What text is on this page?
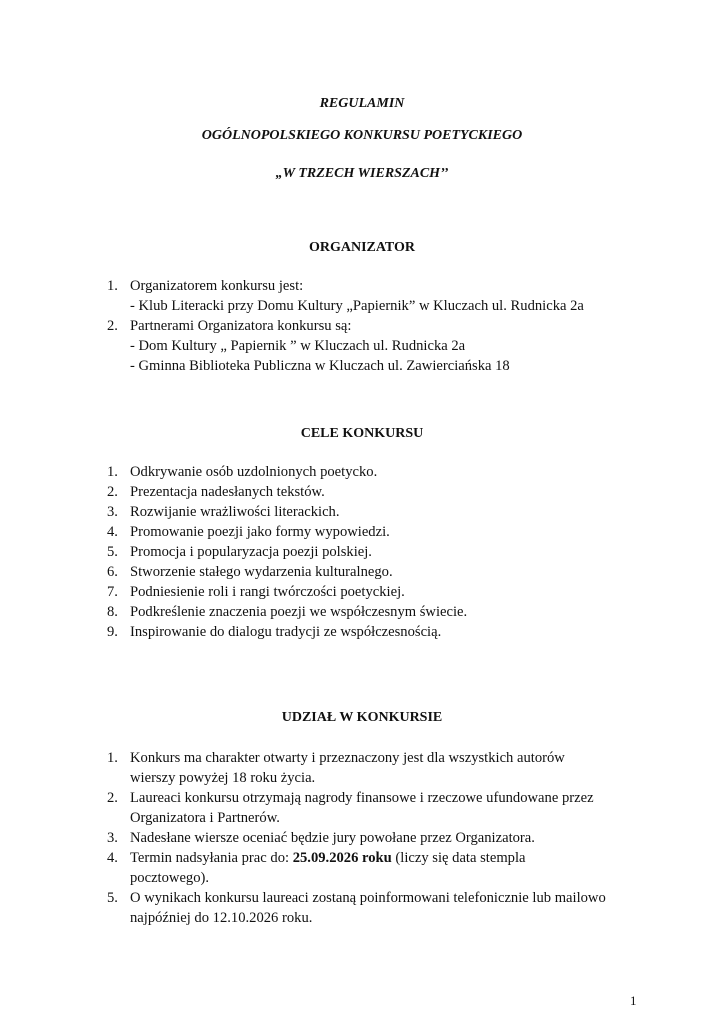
REGULAMIN

OGÓLNOPOLSKIEGO KONKURSU POETYCKIEGO

„W TRZECH WIERSZACH’’

ORGANIZATOR

1. Organizatorem konkursu jest:
- Klub Literacki przy Domu Kultury „Papiernik” w Kluczach ul. Rudnicka 2a
2. Partnerami Organizatora konkursu są:
- Dom Kultury „ Papiernik ” w Kluczach ul. Rudnicka 2a
- Gminna Biblioteka Publiczna w Kluczach ul. Zawierciańska 18

CELE KONKURSU

1. Odkrywanie osób uzdolnionych poetycko.
2. Prezentacja nadesłanych tekstów.
3. Rozwijanie wrażliwości literackich.
4. Promowanie poezji jako formy wypowiedzi.
5. Promocja i popularyzacja poezji polskiej.
6. Stworzenie stałego wydarzenia kulturalnego.
7. Podniesienie roli i rangi twórczości poetyckiej.
8. Podkreślenie znaczenia poezji we współczesnym świecie.
9. Inspirowanie do dialogu tradycji ze współczesnością.

UDZIAŁ W KONKURSIE

1. Konkurs ma charakter otwarty i przeznaczony jest dla wszystkich autorów
wierszy powyżej 18 roku życia.
2. Laureaci konkursu otrzymają nagrody finansowe i rzeczowe ufundowane przez
Organizatora i Partnerów.
3. Nadesłane wiersze oceniać będzie jury powołane przez Organizatora.
4. Termin nadsyłania prac do: 25.09.2026 roku (liczy się data stempla
pocztowego).
5. O wynikach konkursu laureaci zostaną poinformowani telefonicznie lub mailowo
najpóźniej do 12.10.2026 roku.
1
